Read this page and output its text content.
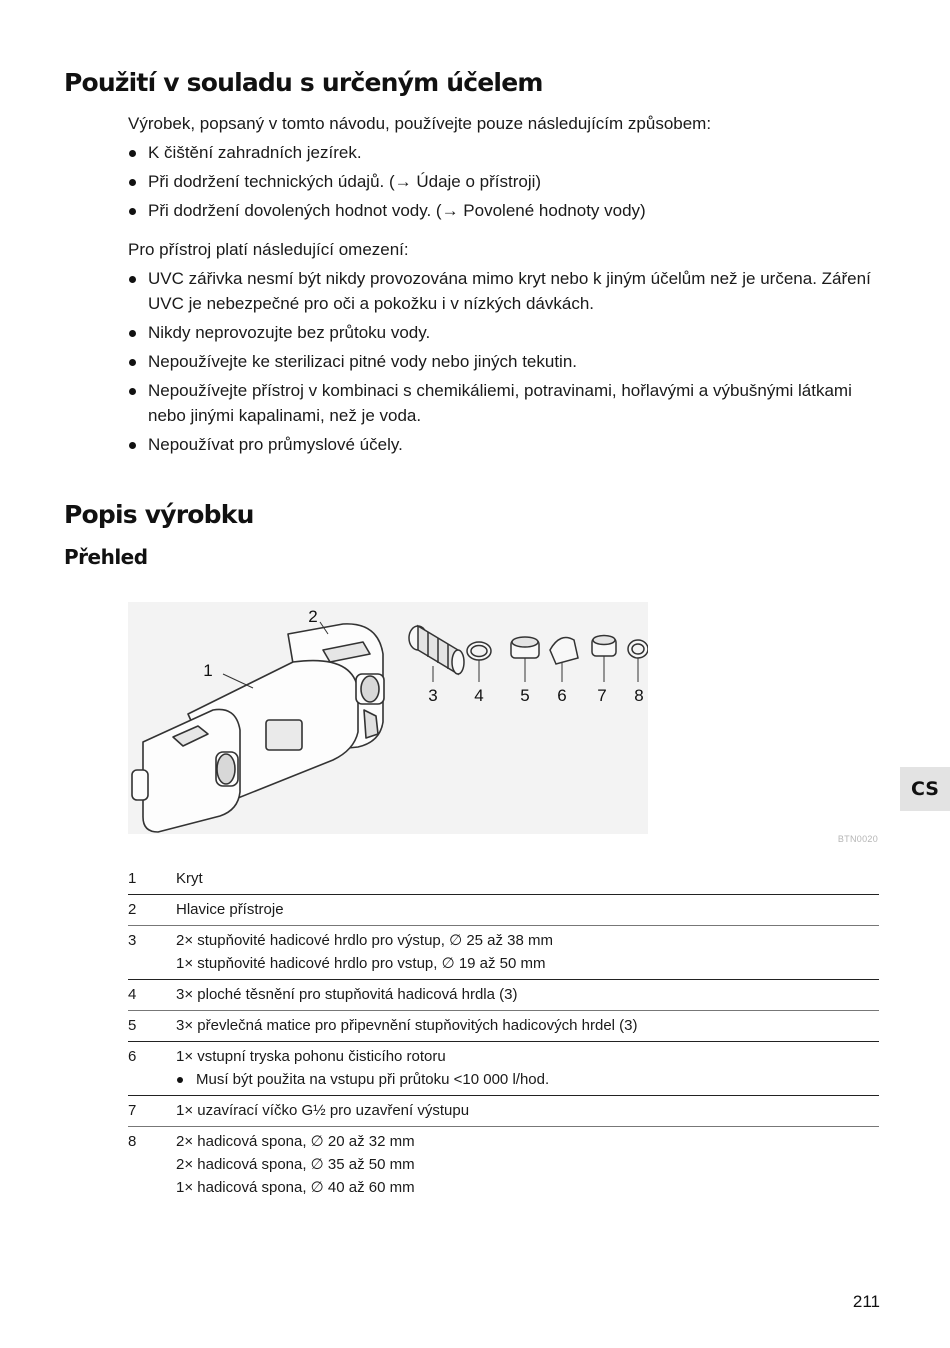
Použití v souladu s určeným účelem

Výrobek, popsaný v tomto návodu, používejte pouze následujícím způsobem:

K čištění zahradních jezírek.
Při dodržení technických údajů. (→ Údaje o přístroji)
Při dodržení dovolených hodnot vody. (→ Povolené hodnoty vody)

Pro přístroj platí následující omezení:

UVC zářivka nesmí být nikdy provozována mimo kryt nebo k jiným účelům než je určena. Záření UVC je nebezpečné pro oči a pokožku i v nízkých dávkách.
Nikdy neprovozujte bez průtoku vody.
Nepoužívejte ke sterilizaci pitné vody nebo jiných tekutin.
Nepoužívejte přístroj v kombinaci s chemikáliemi, potravinami, hořlavými a výbušnými látkami nebo jinými kapalinami, než je voda.
Nepoužívat pro průmyslové účely.
Popis výrobku
Přehled
1
2
3 4 5 6 7 8
BTN0020
1	Kryt
2	Hlavice přístroje
3	2× stupňovité hadicové hrdlo pro výstup, ∅ 25 až 38 mm
1× stupňovité hadicové hrdlo pro vstup, ∅ 19 až 50 mm
4	3× ploché těsnění pro stupňovitá hadicová hrdla (3)
5	3× převlečná matice pro připevnění stupňovitých hadicových hrdel (3)
6	1× vstupní tryska pohonu čisticího rotoru
Musí být použita na vstupu při průtoku <10 000 l/hod.
7	1× uzavírací víčko G½ pro uzavření výstupu
8	2× hadicová spona, ∅ 20 až 32 mm
2× hadicová spona, ∅ 35 až 50 mm
1× hadicová spona, ∅ 40 až 60 mm
CS
211
